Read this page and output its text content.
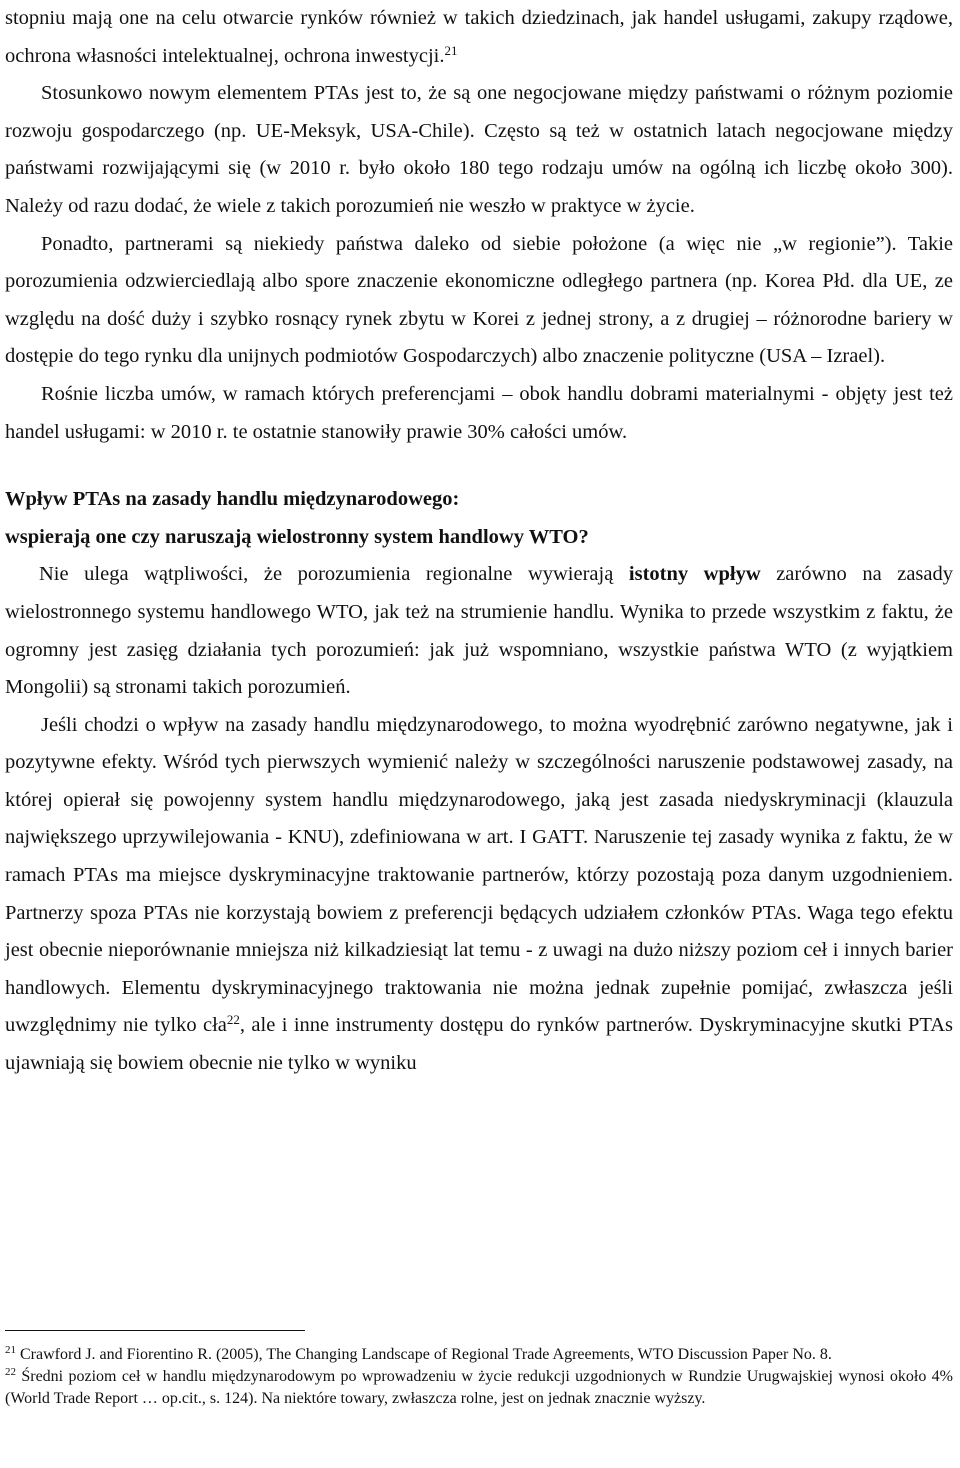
stopniu mają one na celu otwarcie rynków również w takich dziedzinach, jak handel usługami, zakupy rządowe, ochrona własności intelektualnej, ochrona inwestycji.$^{21}$

Stosunkowo nowym elementem PTAs jest to, że są one negocjowane między państwami o różnym poziomie rozwoju gospodarczego (np. UE-Meksyk, USA-Chile). Często są też w ostatnich latach negocjowane między państwami rozwijającymi się (w 2010 r. było około 180 tego rodzaju umów na ogólną ich liczbę około 300). Należy od razu dodać, że wiele z takich porozumień nie weszło w praktyce w życie.

Ponadto, partnerami są niekiedy państwa daleko od siebie położone (a więc nie „w regionie”). Takie porozumienia odzwierciedlają albo spore znaczenie ekonomiczne odległego partnera (np. Korea Płd. dla UE, ze względu na dość duży i szybko rosnący rynek zbytu w Korei z jednej strony, a z drugiej – różnorodne bariery w dostępie do tego rynku dla unijnych podmiotów Gospodarczych) albo znaczenie polityczne (USA – Izrael).

Rośnie liczba umów, w ramach których preferencjami – obok handlu dobrami materialnymi - objęty jest też handel usługami: w 2010 r. te ostatnie stanowiły prawie 30% całości umów.

Wpływ PTAs na zasady handlu międzynarodowego:

wspierają one czy naruszają wielostronny system handlowy WTO?

Nie ulega wątpliwości, że porozumienia regionalne wywierają istotny wpływ zarówno na zasady wielostronnego systemu handlowego WTO, jak też na strumienie handlu. Wynika to przede wszystkim z faktu, że ogromny jest zasięg działania tych porozumień: jak już wspomniano, wszystkie państwa WTO (z wyjątkiem Mongolii) są stronami takich porozumień.

Jeśli chodzi o wpływ na zasady handlu międzynarodowego, to można wyodrębnić zarówno negatywne, jak i pozytywne efekty. Wśród tych pierwszych wymienić należy w szczególności naruszenie podstawowej zasady, na której opierał się powojenny system handlu międzynarodowego, jaką jest zasada niedyskryminacji (klauzula największego uprzywilejowania - KNU), zdefiniowana w art. I GATT. Naruszenie tej zasady wynika z faktu, że w ramach PTAs ma miejsce dyskryminacyjne traktowanie partnerów, którzy pozostają poza danym uzgodnieniem. Partnerzy spoza PTAs nie korzystają bowiem z preferencji będących udziałem członków PTAs. Waga tego efektu jest obecnie nieporównanie mniejsza niż kilkadziesiąt lat temu - z uwagi na dużo niższy poziom ceł i innych barier handlowych. Elementu dyskryminacyjnego traktowania nie można jednak zupełnie pomijać, zwłaszcza jeśli uwzględnimy nie tylko cła$^{22}$, ale i inne instrumenty dostępu do rynków partnerów. Dyskryminacyjne skutki PTAs ujawniają się bowiem obecnie nie tylko w wyniku

$^{21}$ Crawford J. and Fiorentino R. (2005), The Changing Landscape of Regional Trade Agreements, WTO Discussion Paper No. 8.

$^{22}$ Średni poziom ceł w handlu międzynarodowym po wprowadzeniu w życie redukcji uzgodnionych w Rundzie Urugwajskiej wynosi około 4% (World Trade Report … op.cit., s. 124). Na niektóre towary, zwłaszcza rolne, jest on jednak znacznie wyższy.
